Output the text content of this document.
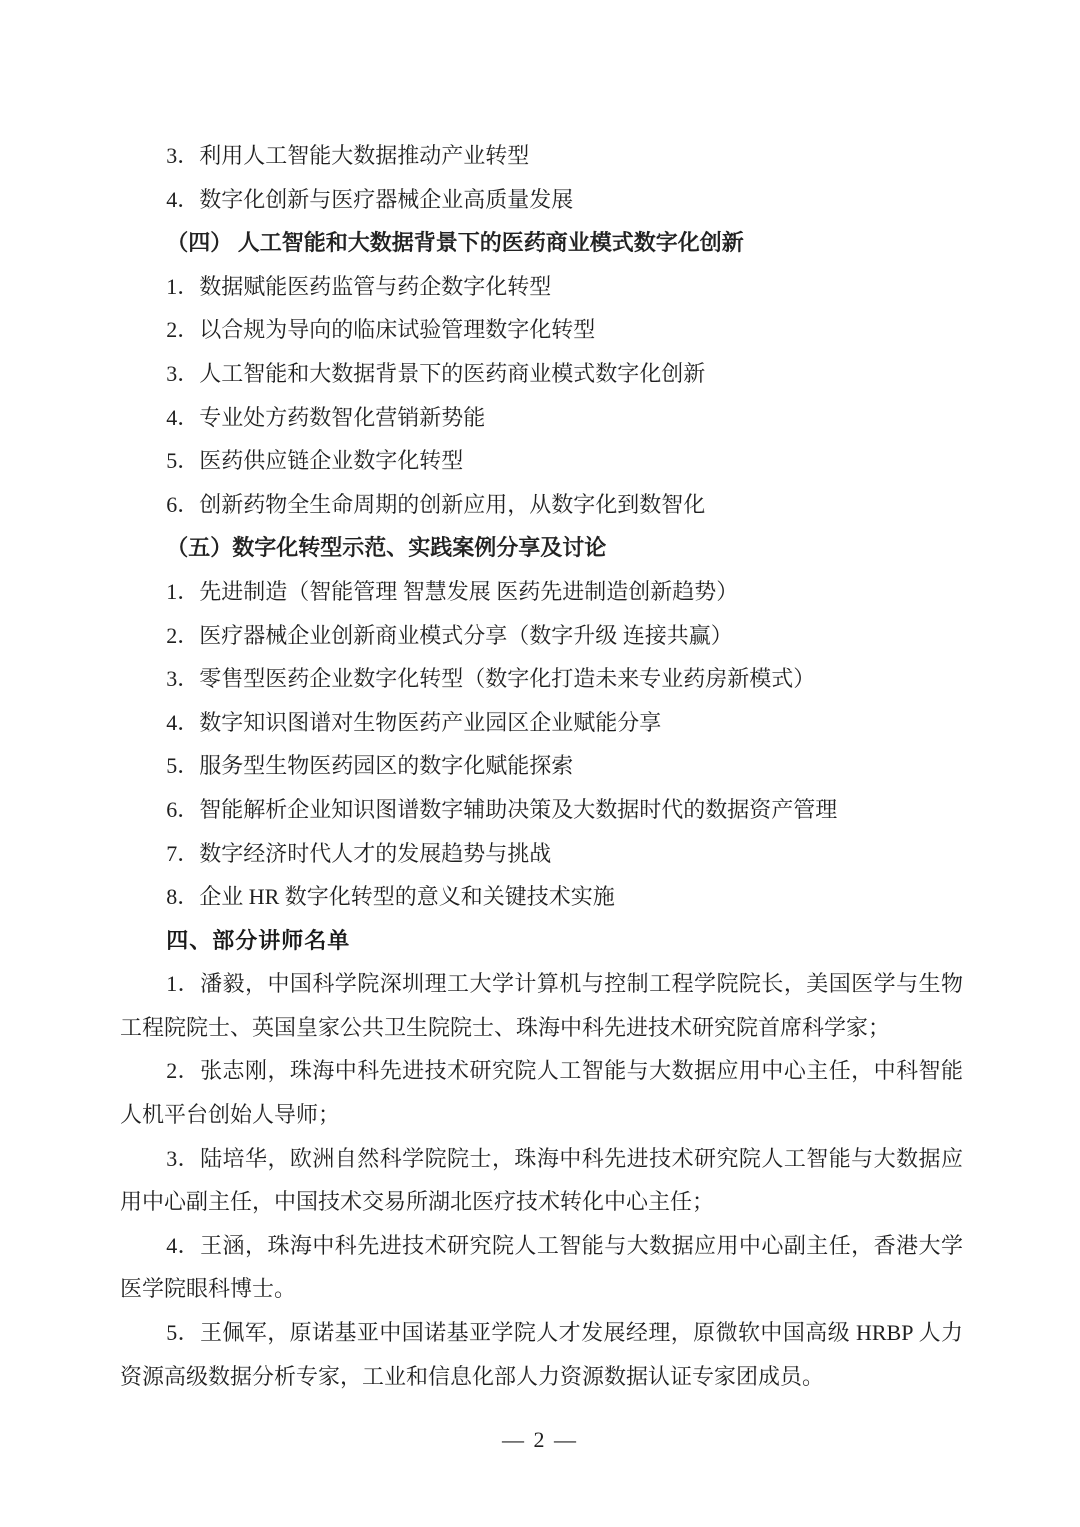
3．利用人工智能大数据推动产业转型

4．数字化创新与医疗器械企业高质量发展

（四） 人工智能和大数据背景下的医药商业模式数字化创新

1．数据赋能医药监管与药企数字化转型

2．以合规为导向的临床试验管理数字化转型

3．人工智能和大数据背景下的医药商业模式数字化创新

4．专业处方药数智化营销新势能

5．医药供应链企业数字化转型

6．创新药物全生命周期的创新应用，从数字化到数智化

（五）数字化转型示范、实践案例分享及讨论

1．先进制造（智能管理 智慧发展 医药先进制造创新趋势）

2．医疗器械企业创新商业模式分享（数字升级 连接共赢）

3．零售型医药企业数字化转型（数字化打造未来专业药房新模式）

4．数字知识图谱对生物医药产业园区企业赋能分享

5．服务型生物医药园区的数字化赋能探索

6．智能解析企业知识图谱数字辅助决策及大数据时代的数据资产管理

7．数字经济时代人才的发展趋势与挑战

8．企业 HR 数字化转型的意义和关键技术实施

四、部分讲师名单

1．潘毅，中国科学院深圳理工大学计算机与控制工程学院院长，美国医学与生物工程院院士、英国皇家公共卫生院院士、珠海中科先进技术研究院首席科学家；

2．张志刚，珠海中科先进技术研究院人工智能与大数据应用中心主任，中科智能人机平台创始人导师；

3．陆培华，欧洲自然科学院院士，珠海中科先进技术研究院人工智能与大数据应用中心副主任，中国技术交易所湖北医疗技术转化中心主任；

4．王涵，珠海中科先进技术研究院人工智能与大数据应用中心副主任，香港大学医学院眼科博士。

5．王佩军，原诺基亚中国诺基亚学院人才发展经理，原微软中国高级 HRBP 人力资源高级数据分析专家，工业和信息化部人力资源数据认证专家团成员。

— 2 —
